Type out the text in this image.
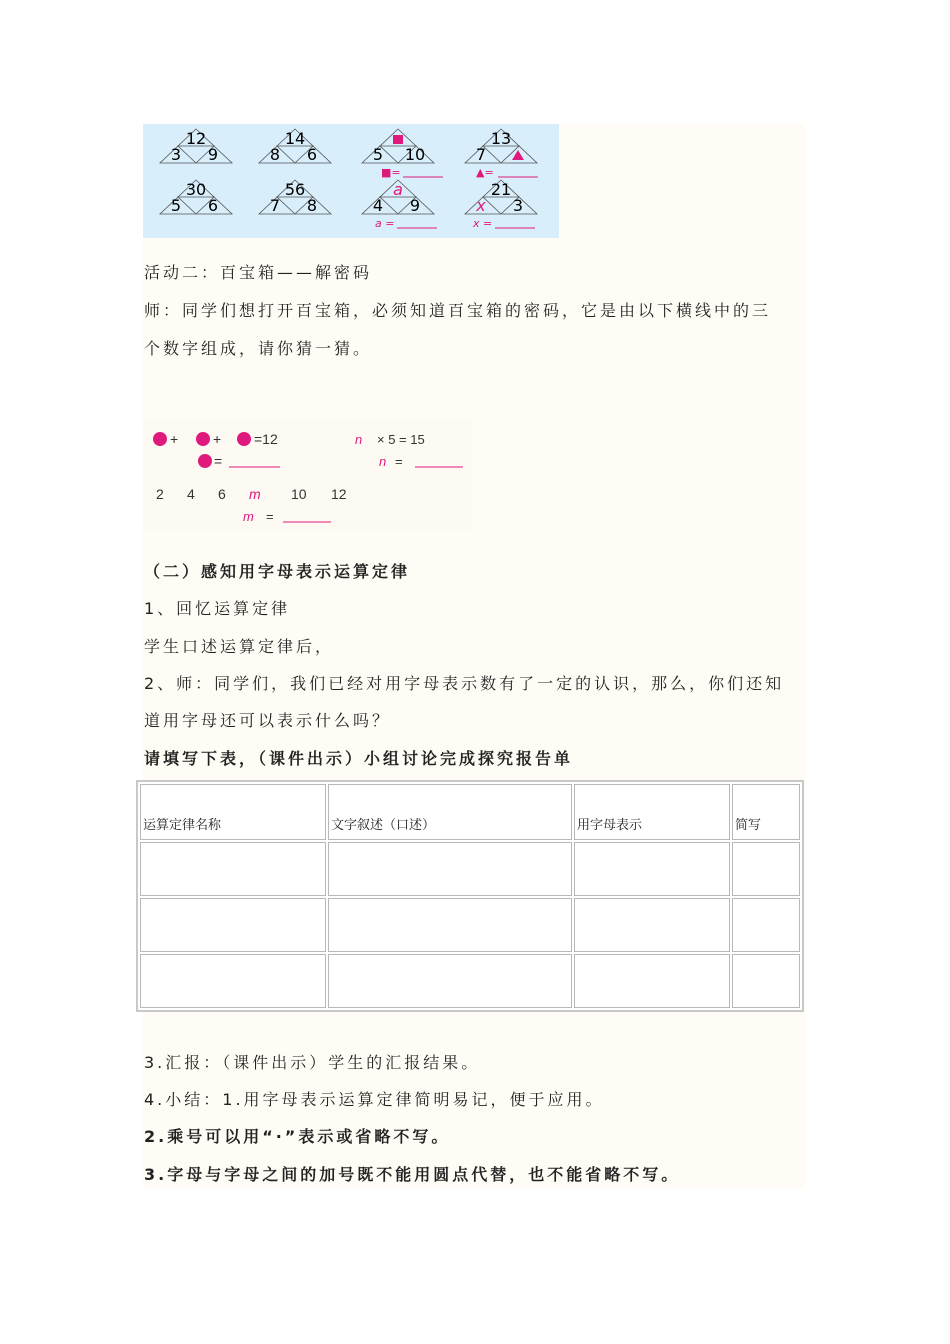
12
3 9
14
8 6	5 10
13
7
30
5 6
56
7 8
a
4 9
21
x 3
■=	▲=
a =	x =
活动二：百宝箱——解密码
师：同学们想打开百宝箱，必须知道百宝箱的密码，它是由以下横线中的三
个数字组成，请你猜一猜。
+ + =12
=
n × 5 = 15
n =
2 4 6 m 10 12
m =
（二）感知用字母表示运算定律
1、回忆运算定律
学生口述运算定律后，
2、师：同学们，我们已经对用字母表示数有了一定的认识，那么，你们还知
道用字母还可以表示什么吗？
请填写下表，（课件出示）小组讨论完成探究报告单
运算定律名称	文字叙述（口述）	用字母表示	简写

3.汇报：（课件出示）学生的汇报结果。
4.小结：1.用字母表示运算定律简明易记，便于应用。
2.乘号可以用“·”表示或省略不写。
3.字母与字母之间的加号既不能用圆点代替，也不能省略不写。
